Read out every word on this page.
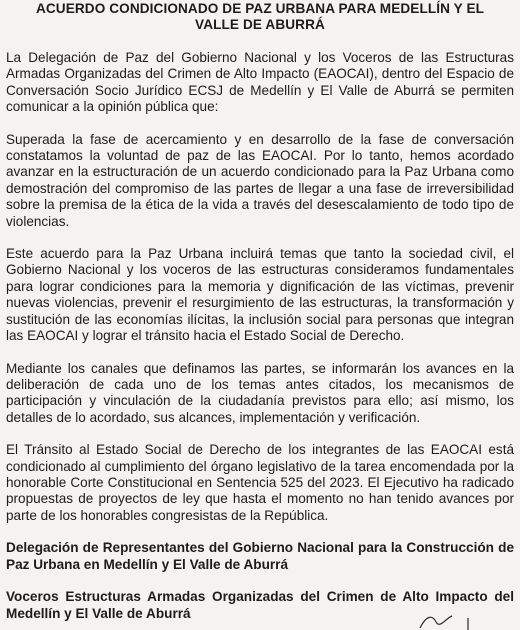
ACUERDO CONDICIONADO DE PAZ URBANA PARA MEDELLÍN Y EL VALLE DE ABURRÁ

La Delegación de Paz del Gobierno Nacional y los Voceros de las Estructuras Armadas Organizadas del Crimen de Alto Impacto (EAOCAI), dentro del Espacio de Conversación Socio Jurídico ECSJ de Medellín y El Valle de Aburrá se permiten comunicar a la opinión pública que:

Superada la fase de acercamiento y en desarrollo de la fase de conversación constatamos la voluntad de paz de las EAOCAI. Por lo tanto, hemos acordado avanzar en la estructuración de un acuerdo condicionado para la Paz Urbana como demostración del compromiso de las partes de llegar a una fase de irreversibilidad sobre la premisa de la ética de la vida a través del desescalamiento de todo tipo de violencias.

Este acuerdo para la Paz Urbana incluirá temas que tanto la sociedad civil, el Gobierno Nacional y los voceros de las estructuras consideramos fundamentales para lograr condiciones para la memoria y dignificación de las víctimas, prevenir nuevas violencias, prevenir el resurgimiento de las estructuras, la transformación y sustitución de las economías ilícitas, la inclusión social para personas que integran las EAOCAI y lograr el tránsito hacia el Estado Social de Derecho.

Mediante los canales que definamos las partes, se informarán los avances en la deliberación de cada uno de los temas antes citados, los mecanismos de participación y vinculación de la ciudadanía previstos para ello; así mismo, los detalles de lo acordado, sus alcances, implementación y verificación.

El Tránsito al Estado Social de Derecho de los integrantes de las EAOCAI está condicionado al cumplimiento del órgano legislativo de la tarea encomendada por la honorable Corte Constitucional en Sentencia 525 del 2023. El Ejecutivo ha radicado propuestas de proyectos de ley que hasta el momento no han tenido avances por parte de los honorables congresistas de la República.

Delegación de Representantes del Gobierno Nacional para la Construcción de Paz Urbana en Medellín y El Valle de Aburrá

Voceros Estructuras Armadas Organizadas del Crimen de Alto Impacto del Medellín y El Valle de Aburrá
